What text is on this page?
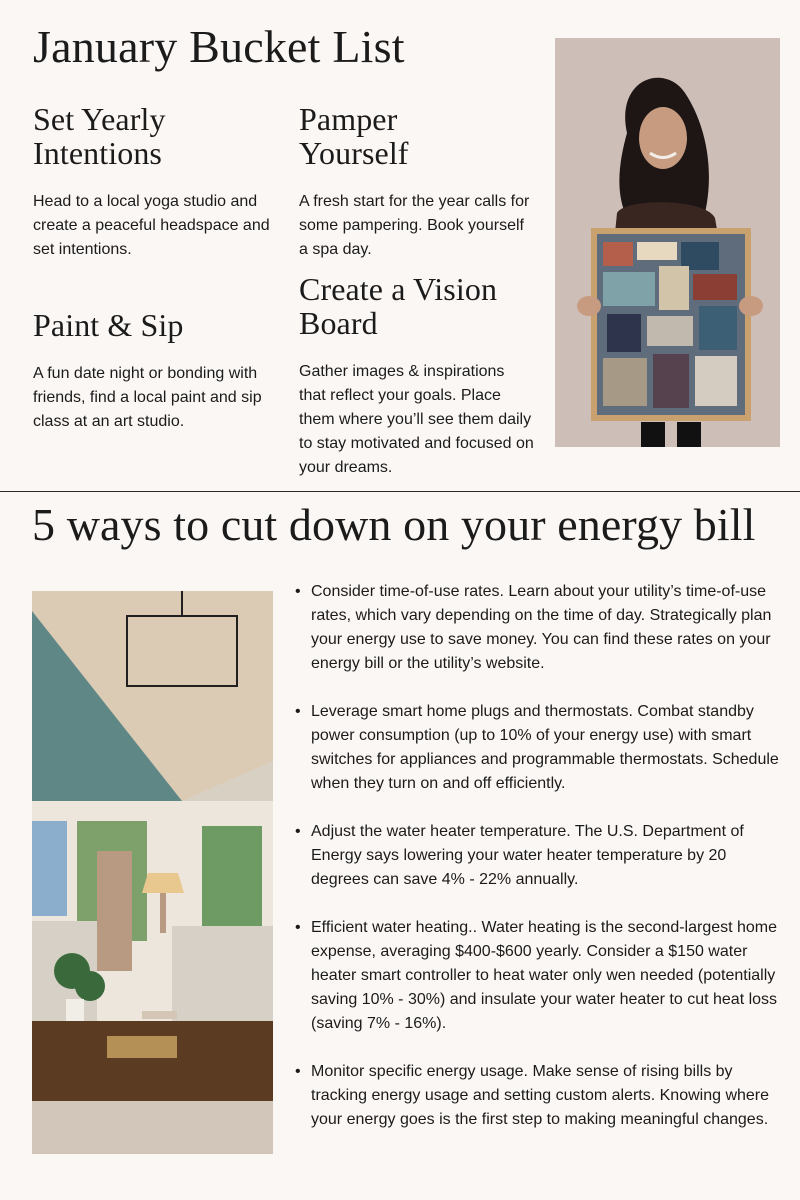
January Bucket List
Set Yearly
Intentions

Head to a local yoga studio and create a peaceful headspace and set intentions.

Pamper
Yourself

A fresh start for the year calls for some pampering. Book yourself a spa day.

Paint & Sip

A fun date night or bonding with friends, find a local paint and sip class at an art studio.

Create a Vision
Board

Gather images & inspirations that reflect your goals. Place them where you’ll see them daily to stay motivated and focused on your dreams.

5 ways to cut down on your energy bill
• Consider time-of-use rates. Learn about your utility’s time-of-use rates, which vary depending on the time of day. Strategically plan your energy use to save money. You can find these rates on your energy bill or the utility’s website.
• Leverage smart home plugs and thermostats. Combat standby power consumption (up to 10% of your energy use) with smart switches for appliances and programmable thermostats. Schedule when they turn on and off efficiently.
• Adjust the water heater temperature. The U.S. Department of Energy says lowering your water heater temperature by 20 degrees can save 4% - 22% annually.
• Efficient water heating.. Water heating is the second-largest home expense, averaging $400-$600 yearly. Consider a $150 water heater smart controller to heat water only wen needed (potentially saving 10% - 30%) and insulate your water heater to cut heat loss (saving 7% - 16%).
• Monitor specific energy usage. Make sense of rising bills by tracking energy usage and setting custom alerts. Knowing where your energy goes is the first step to making meaningful changes.
